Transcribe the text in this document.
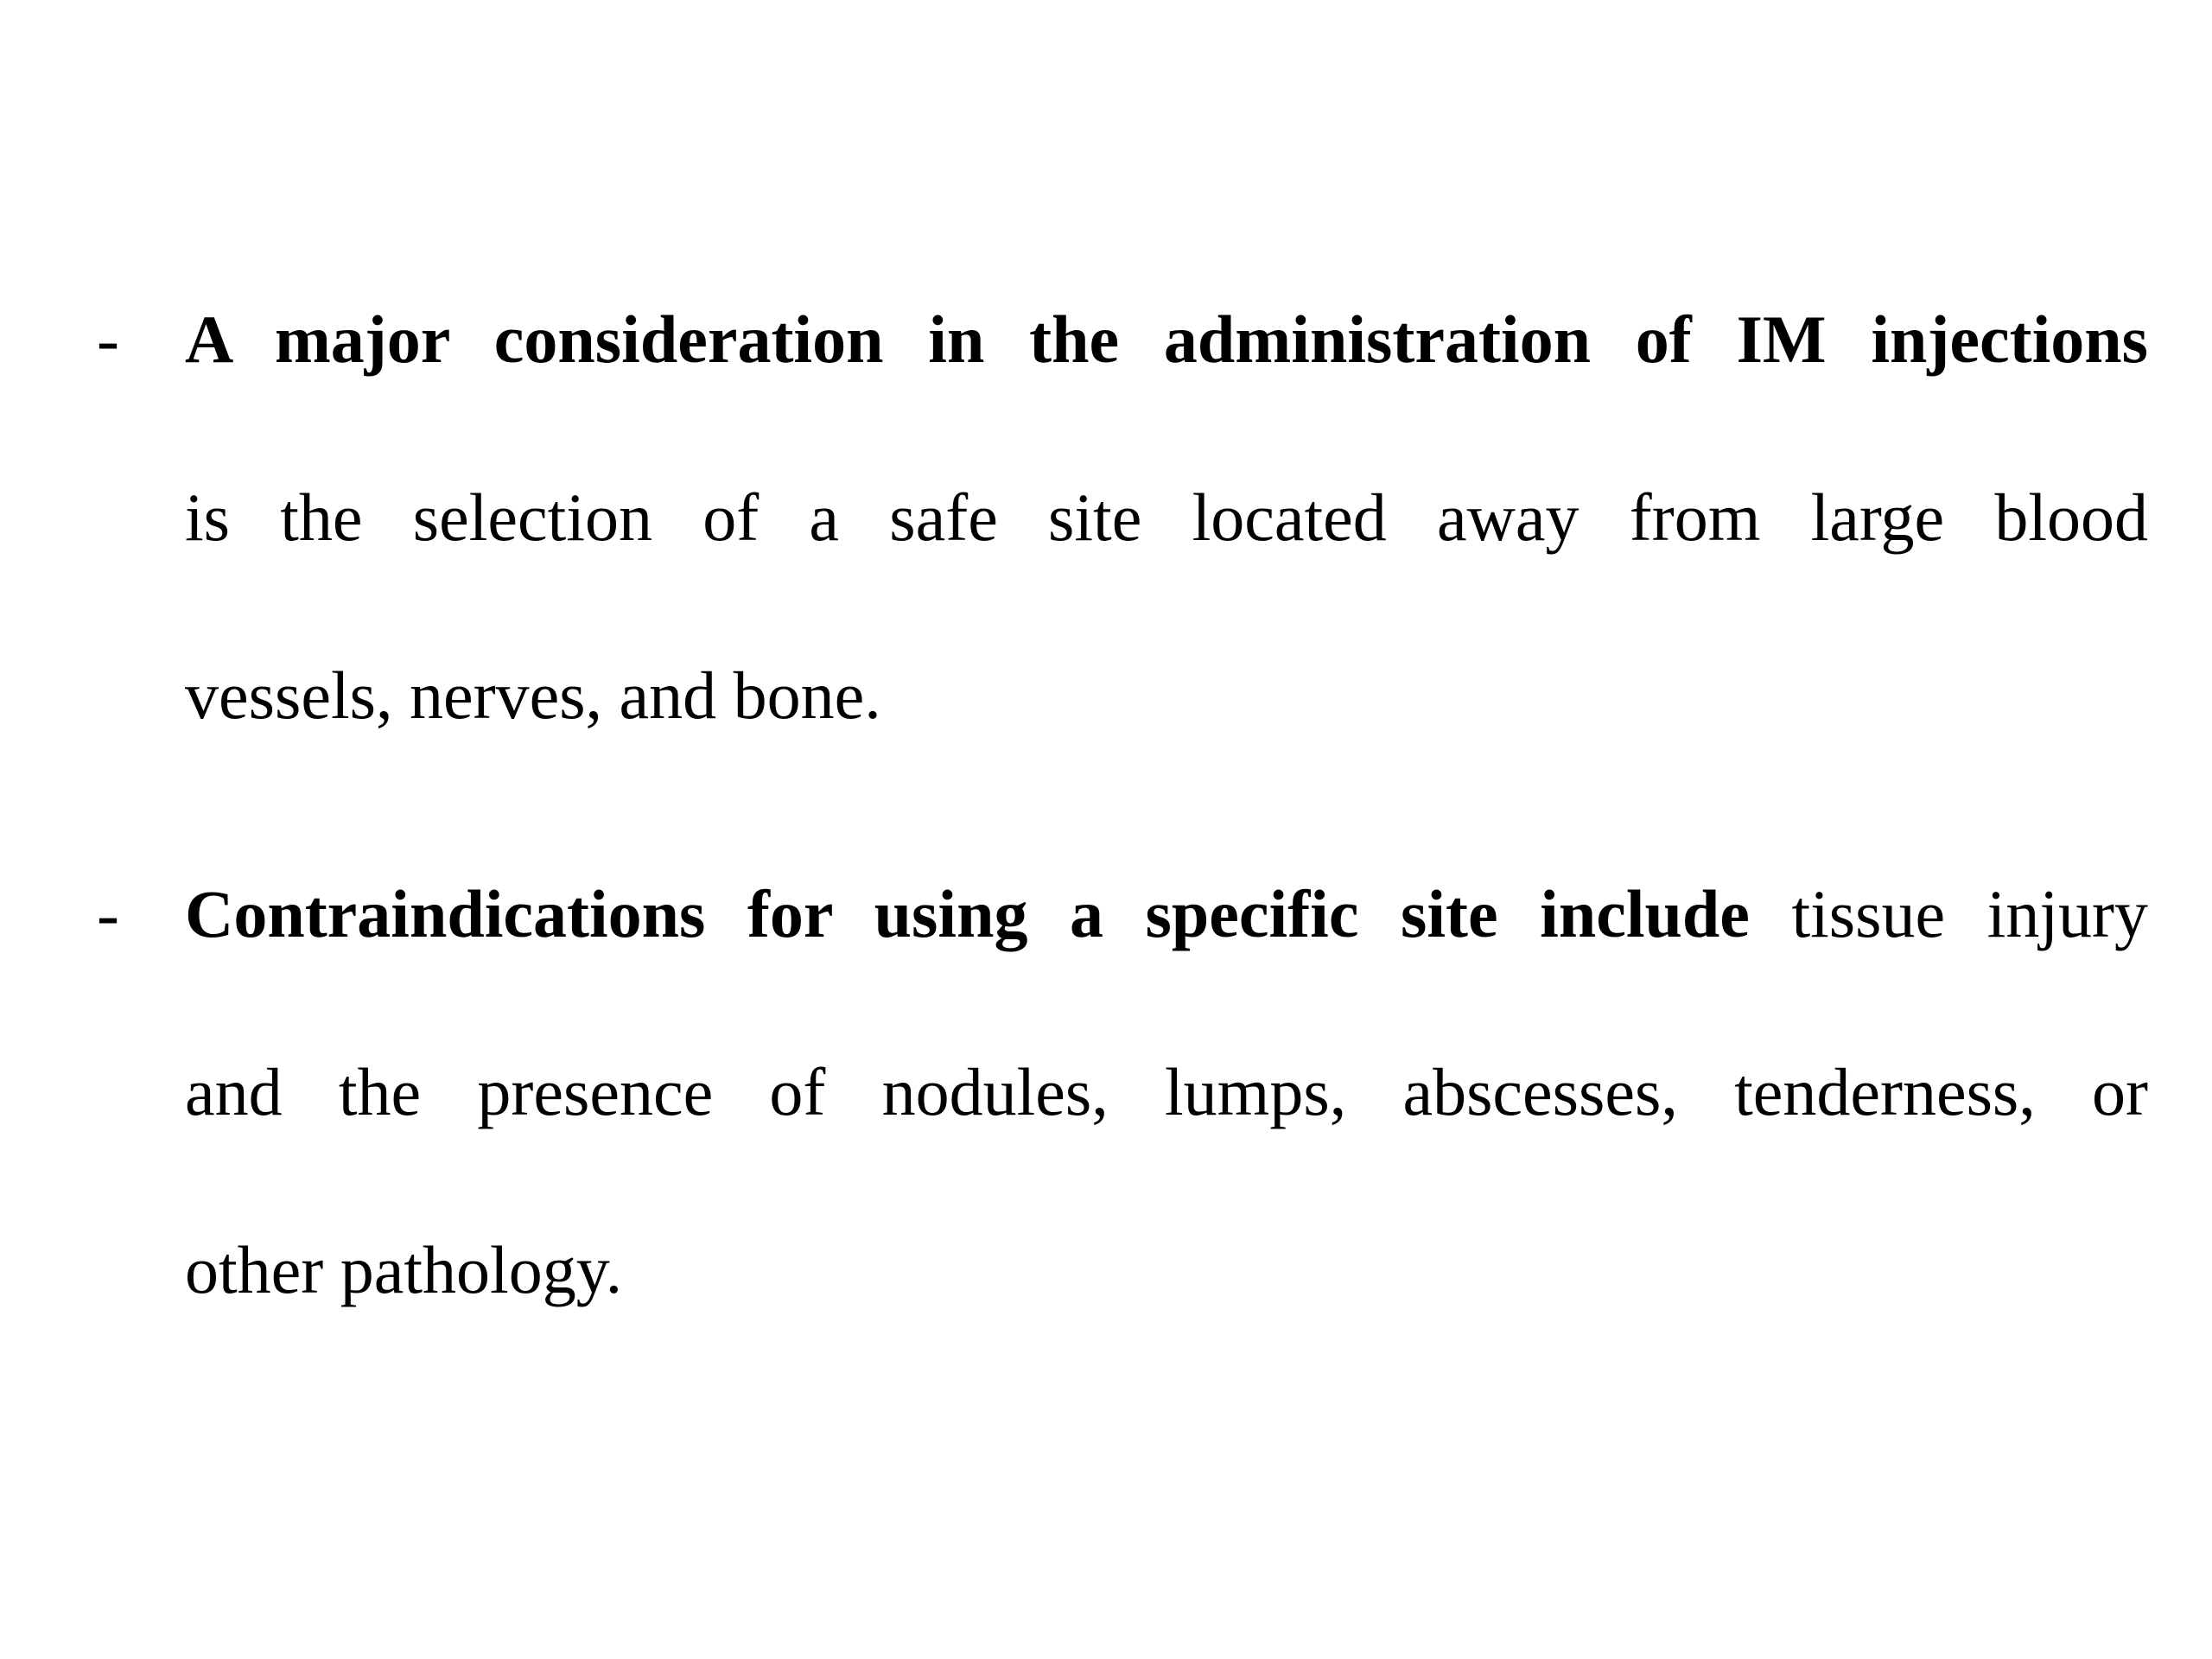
- A major consideration in the administration of IM injections
is the selection of a safe site located away from large blood
vessels, nerves, and bone.

- Contraindications for using a specific site include tissue injury
and the presence of nodules, lumps, abscesses, tenderness, or
other pathology.
